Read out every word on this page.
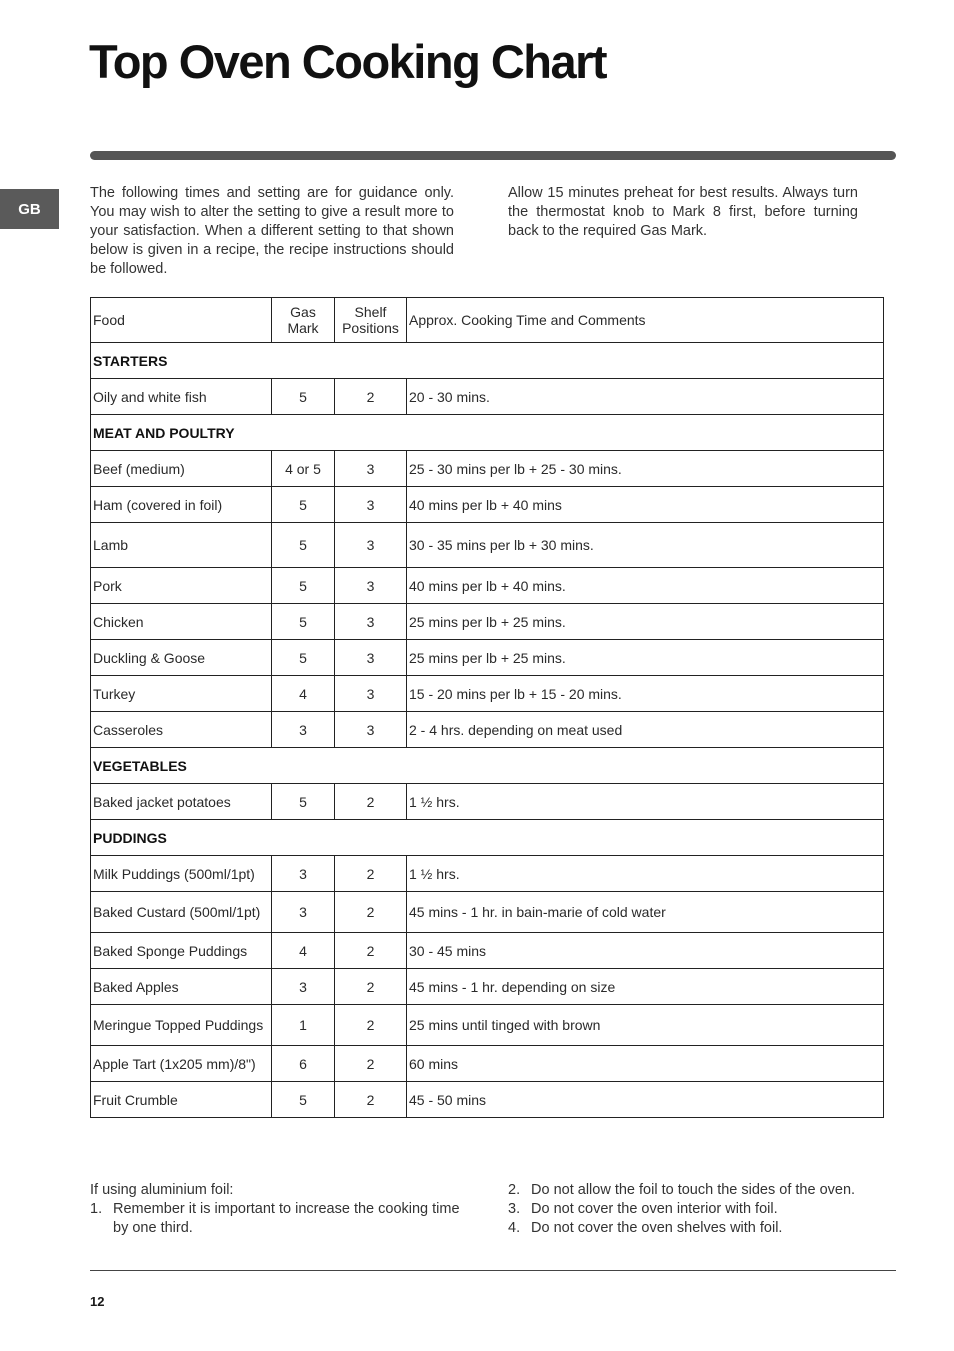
Top Oven Cooking Chart
GB

The following times and setting are for guidance only. You may wish to alter the setting to give a result more to your satisfaction. When a different setting to that shown below is given in a recipe, the recipe instructions should be followed.

Allow 15 minutes preheat for best results. Always turn the thermostat knob to Mark 8 first, before turning back to the required Gas Mark.

Food	Gas Mark	Shelf Positions	Approx. Cooking Time and Comments
STARTERS			
Oily and white fish	5	2	20 - 30 mins.
MEAT AND POULTRY			
Beef (medium)	4 or 5	3	25 - 30 mins per lb + 25 - 30 mins.
Ham (covered in foil)	5	3	40 mins per lb + 40 mins
Lamb	5	3	30 - 35 mins per lb + 30 mins.
Pork	5	3	40 mins per lb + 40 mins.
Chicken	5	3	25 mins per lb + 25 mins.
Duckling & Goose	5	3	25 mins per lb + 25 mins.
Turkey	4	3	15 - 20 mins per lb + 15 - 20 mins.
Casseroles	3	3	2 - 4 hrs. depending on meat used
VEGETABLES			
Baked jacket potatoes	5	2	1 ½ hrs.
PUDDINGS			
Milk Puddings (500ml/1pt)	3	2	1 ½ hrs.
Baked Custard (500ml/1pt)	3	2	45 mins - 1 hr. in bain-marie of cold water
Baked Sponge Puddings	4	2	30 - 45 mins
Baked Apples	3	2	45 mins - 1 hr. depending on size
Meringue Topped Puddings	1	2	25 mins until tinged with brown
Apple Tart (1x205 mm)/8")	6	2	60 mins
Fruit Crumble	5	2	45 - 50 mins
If using aluminium foil:
1. Remember it is important to increase the cooking time by one third.
2. Do not allow the foil to touch the sides of the oven.
3. Do not cover the oven interior with foil.
4. Do not cover the oven shelves with foil.
12
